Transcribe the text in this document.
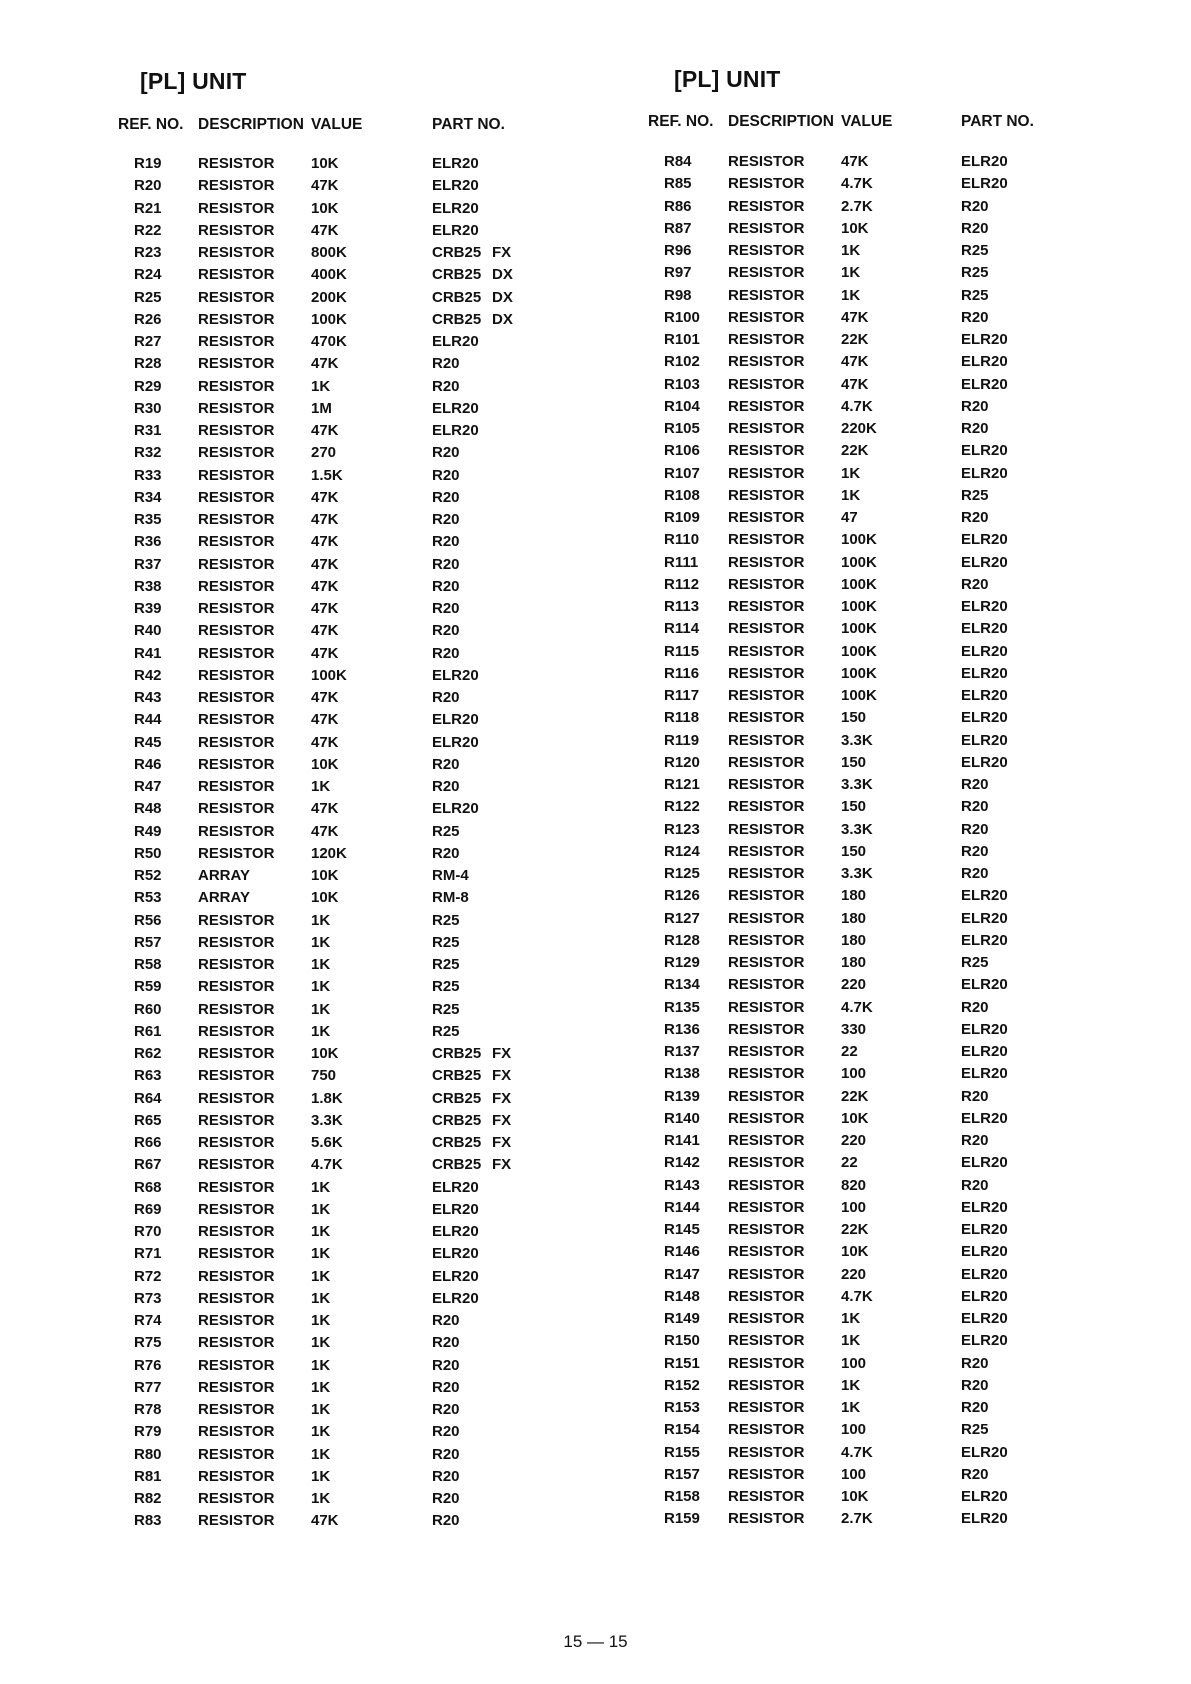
[PL] UNIT
REF. NO. DESCRIPTION VALUE	PART NO.
R19 RESISTOR 10K	ELR20
R20 RESISTOR 47K	ELR20
R21 RESISTOR 10K	ELR20
R22 RESISTOR 47K	ELR20
R23 RESISTOR 800K	CRB25 FX
R24 RESISTOR 400K	CRB25 DX
R25 RESISTOR 200K	CRB25 DX
R26 RESISTOR 100K	CRB25 DX
R27 RESISTOR 470K	ELR20
R28 RESISTOR 47K	R20
R29 RESISTOR 1K	R20
R30 RESISTOR 1M	ELR20
R31 RESISTOR 47K	ELR20
R32 RESISTOR 270	R20
R33 RESISTOR 1.5K	R20
R34 RESISTOR 47K	R20
R35 RESISTOR 47K	R20
R36 RESISTOR 47K	R20
R37 RESISTOR 47K	R20
R38 RESISTOR 47K	R20
R39 RESISTOR 47K	R20
R40 RESISTOR 47K	R20
R41 RESISTOR 47K	R20
R42 RESISTOR 100K	ELR20
R43 RESISTOR 47K	R20
R44 RESISTOR 47K	ELR20
R45 RESISTOR 47K	ELR20
R46 RESISTOR 10K	R20
R47 RESISTOR 1K	R20
R48 RESISTOR 47K	ELR20
R49 RESISTOR 47K	R25
R50 RESISTOR 120K	R20
R52 ARRAY	10K	RM-4
R53 ARRAY	10K	RM-8
R56 RESISTOR 1K	R25
R57 RESISTOR 1K	R25
R58 RESISTOR 1K	R25
R59 RESISTOR 1K	R25
R60 RESISTOR 1K	R25
R61 RESISTOR 1K	R25
R62 RESISTOR 10K	CRB25 FX
R63 RESISTOR 750	CRB25 FX
R64 RESISTOR 1.8K	CRB25 FX
R65 RESISTOR 3.3K	CRB25 FX
R66 RESISTOR 5.6K	CRB25 FX
R67 RESISTOR 4.7K	CRB25 FX
R68 RESISTOR 1K	ELR20
R69 RESISTOR 1K	ELR20
R70 RESISTOR 1K	ELR20
R71 RESISTOR 1K	ELR20
R72 RESISTOR 1K	ELR20
R73 RESISTOR 1K	ELR20
R74 RESISTOR 1K	R20
R75 RESISTOR 1K	R20
R76 RESISTOR 1K	R20
R77 RESISTOR 1K	R20
R78 RESISTOR 1K	R20
R79 RESISTOR 1K	R20
R80 RESISTOR 1K	R20
R81 RESISTOR 1K	R20
R82 RESISTOR 1K	R20
R83 RESISTOR 47K	R20
[PL] UNIT
REF. NO. DESCRIPTION VALUE	PART NO.
R84 RESISTOR 47K	ELR20
R85 RESISTOR 4.7K	ELR20
R86 RESISTOR 2.7K	R20
R87 RESISTOR 10K	R20
R96 RESISTOR 1K	R25
R97 RESISTOR 1K	R25
R98 RESISTOR 1K	R25
R100 RESISTOR 47K	R20
R101 RESISTOR 22K	ELR20
R102 RESISTOR 47K	ELR20
R103 RESISTOR 47K	ELR20
R104 RESISTOR 4.7K	R20
R105 RESISTOR 220K	R20
R106 RESISTOR 22K	ELR20
R107 RESISTOR 1K	ELR20
R108 RESISTOR 1K	R25
R109 RESISTOR 47	R20
R110 RESISTOR 100K	ELR20
R111 RESISTOR 100K	ELR20
R112 RESISTOR 100K	R20
R113 RESISTOR 100K	ELR20
R114 RESISTOR 100K	ELR20
R115 RESISTOR 100K	ELR20
R116 RESISTOR 100K	ELR20
R117 RESISTOR 100K	ELR20
R118 RESISTOR 150	ELR20
R119 RESISTOR 3.3K	ELR20
R120 RESISTOR 150	ELR20
R121 RESISTOR 3.3K	R20
R122 RESISTOR 150	R20
R123 RESISTOR 3.3K	R20
R124 RESISTOR 150	R20
R125 RESISTOR 3.3K	R20
R126 RESISTOR 180	ELR20
R127 RESISTOR 180	ELR20
R128 RESISTOR 180	ELR20
R129 RESISTOR 180	R25
R134 RESISTOR 220	ELR20
R135 RESISTOR 4.7K	R20
R136 RESISTOR 330	ELR20
R137 RESISTOR 22	ELR20
R138 RESISTOR 100	ELR20
R139 RESISTOR 22K	R20
R140 RESISTOR 10K	ELR20
R141 RESISTOR 220	R20
R142 RESISTOR 22	ELR20
R143 RESISTOR 820	R20
R144 RESISTOR 100	ELR20
R145 RESISTOR 22K	ELR20
R146 RESISTOR 10K	ELR20
R147 RESISTOR 220	ELR20
R148 RESISTOR 4.7K	ELR20
R149 RESISTOR 1K	ELR20
R150 RESISTOR 1K	ELR20
R151 RESISTOR 100	R20
R152 RESISTOR 1K	R20
R153 RESISTOR 1K	R20
R154 RESISTOR 100	R25
R155 RESISTOR 4.7K	ELR20
R157 RESISTOR 100	R20
R158 RESISTOR 10K	ELR20
R159 RESISTOR 2.7K	ELR20
15 — 15
